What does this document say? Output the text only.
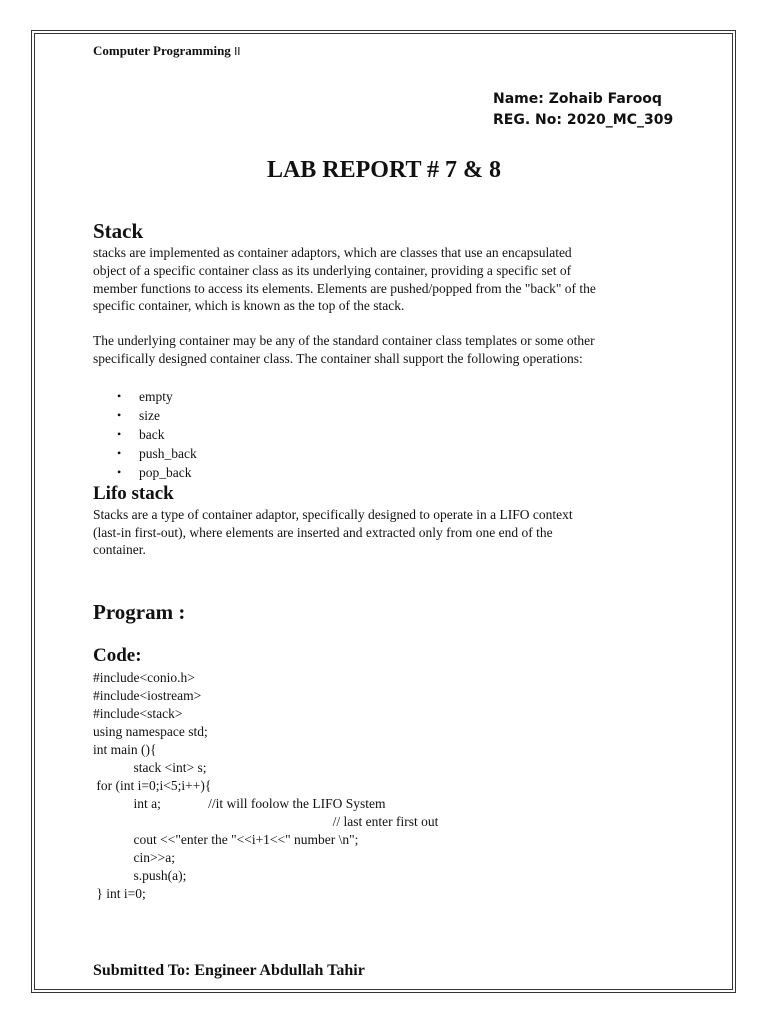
Computer Programming II
Name: Zohaib Farooq
REG. No: 2020_MC_309
LAB REPORT # 7 & 8
Stack

stacks are implemented as container adaptors, which are classes that use an encapsulated
object of a specific container class as its underlying container, providing a specific set of
member functions to access its elements. Elements are pushed/popped from the "back" of the
specific container, which is known as the top of the stack.

The underlying container may be any of the standard container class templates or some other
specifically designed container class. The container shall support the following operations:

• empty
• size
• back
• push_back
• pop_back
Lifo stack

Stacks are a type of container adaptor, specifically designed to operate in a LIFO context
(last-in first-out), where elements are inserted and extracted only from one end of the
container.

Program :
Code:
#include<conio.h>
#include<iostream>
#include<stack>
using namespace std;
int main (){
stack <int> s;
for (int i=0;i<5;i++){
int a;              //it will foolow the LIFO System
// last enter first out
cout <<"enter the "<<i+1<<" number \n";
cin>>a;
s.push(a);
} int i=0;
Submitted To: Engineer Abdullah Tahir
